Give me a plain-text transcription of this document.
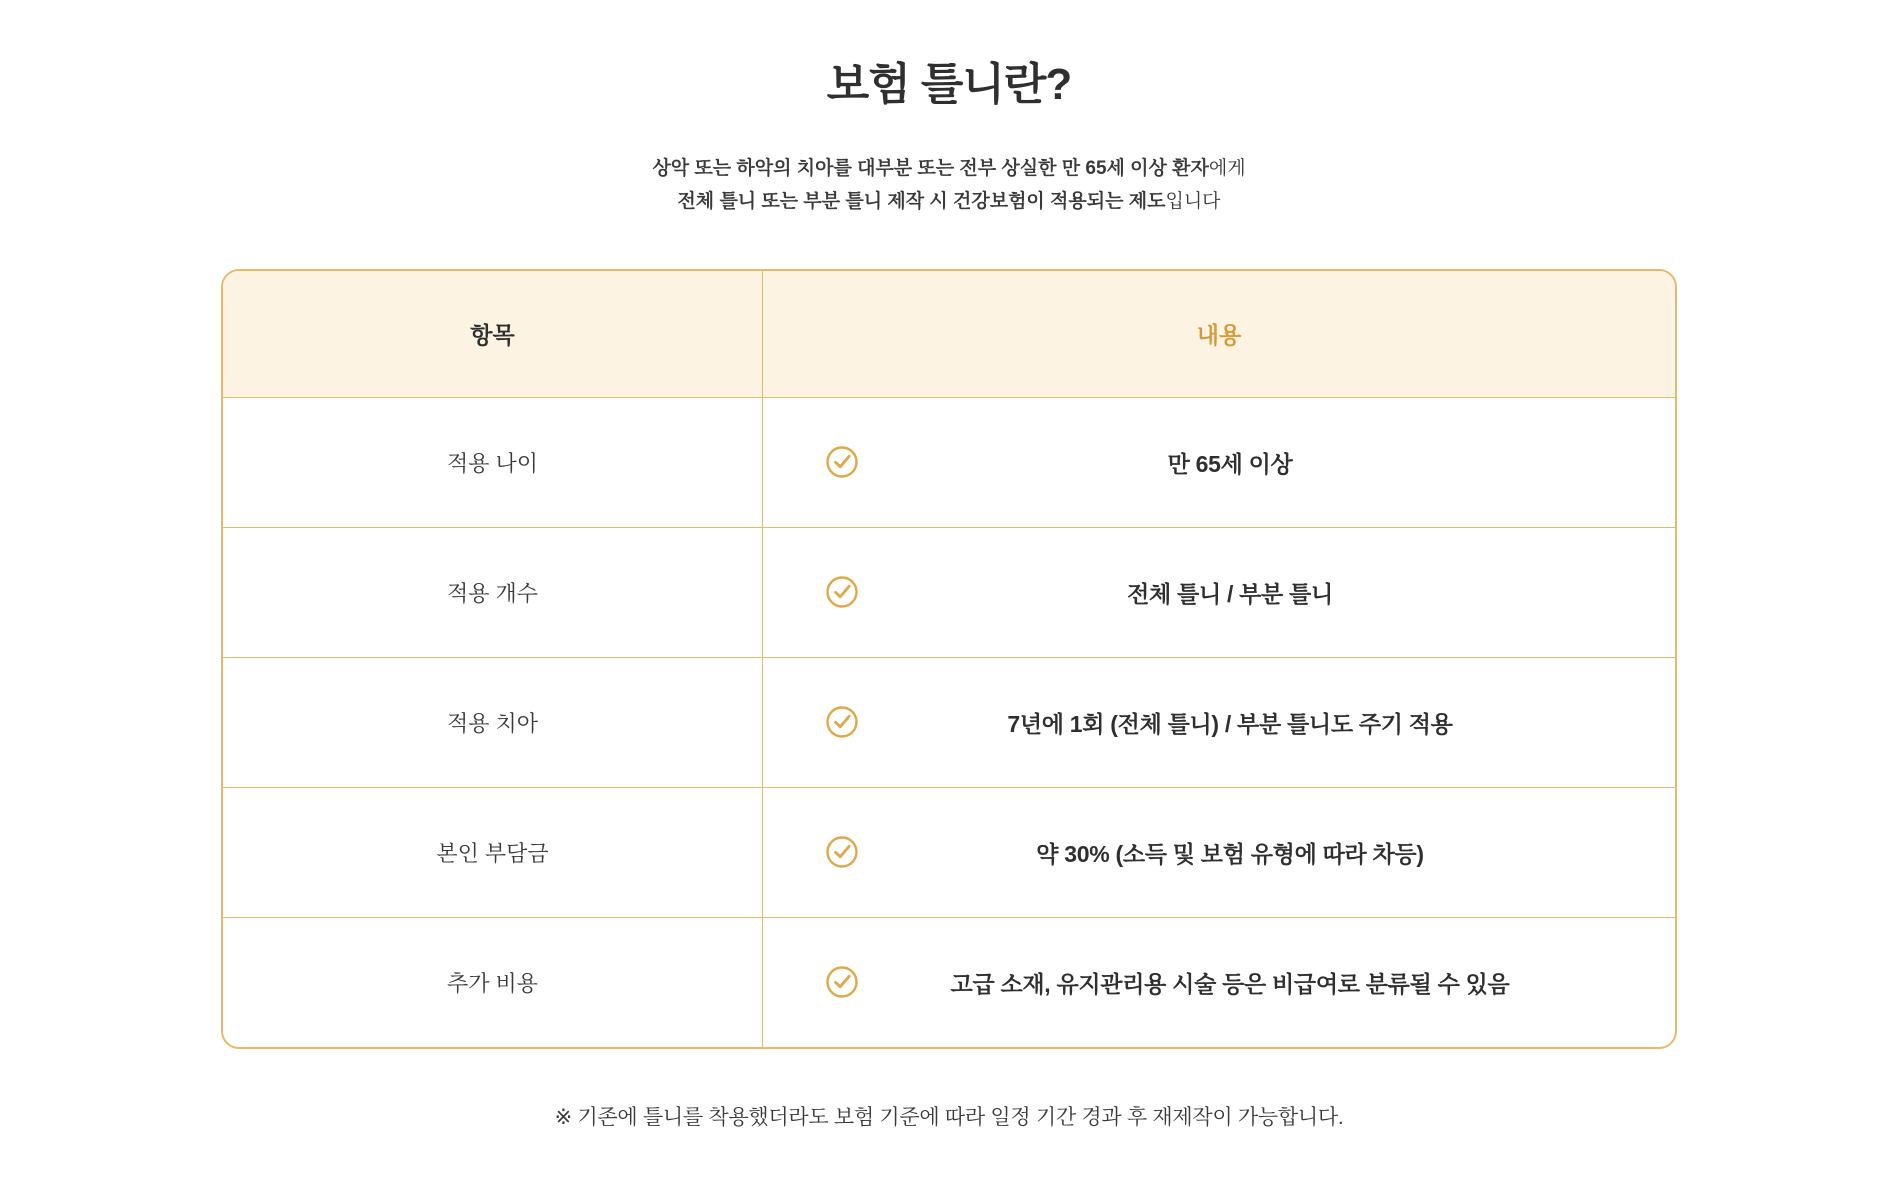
보험 틀니란?
상악 또는 하악의 치아를 대부분 또는 전부 상실한 만 65세 이상 환자에게
전체 틀니 또는 부분 틀니 제작 시 건강보험이 적용되는 제도입니다
항목	내용
적용 나이	만 65세 이상
적용 개수	전체 틀니 / 부분 틀니
적용 치아	7년에 1회 (전체 틀니) / 부분 틀니도 주기 적용
본인 부담금	약 30% (소득 및 보험 유형에 따라 차등)
추가 비용	고급 소재, 유지관리용 시술 등은 비급여로 분류될 수 있음
※ 기존에 틀니를 착용했더라도 보험 기준에 따라 일정 기간 경과 후 재제작이 가능합니다.
